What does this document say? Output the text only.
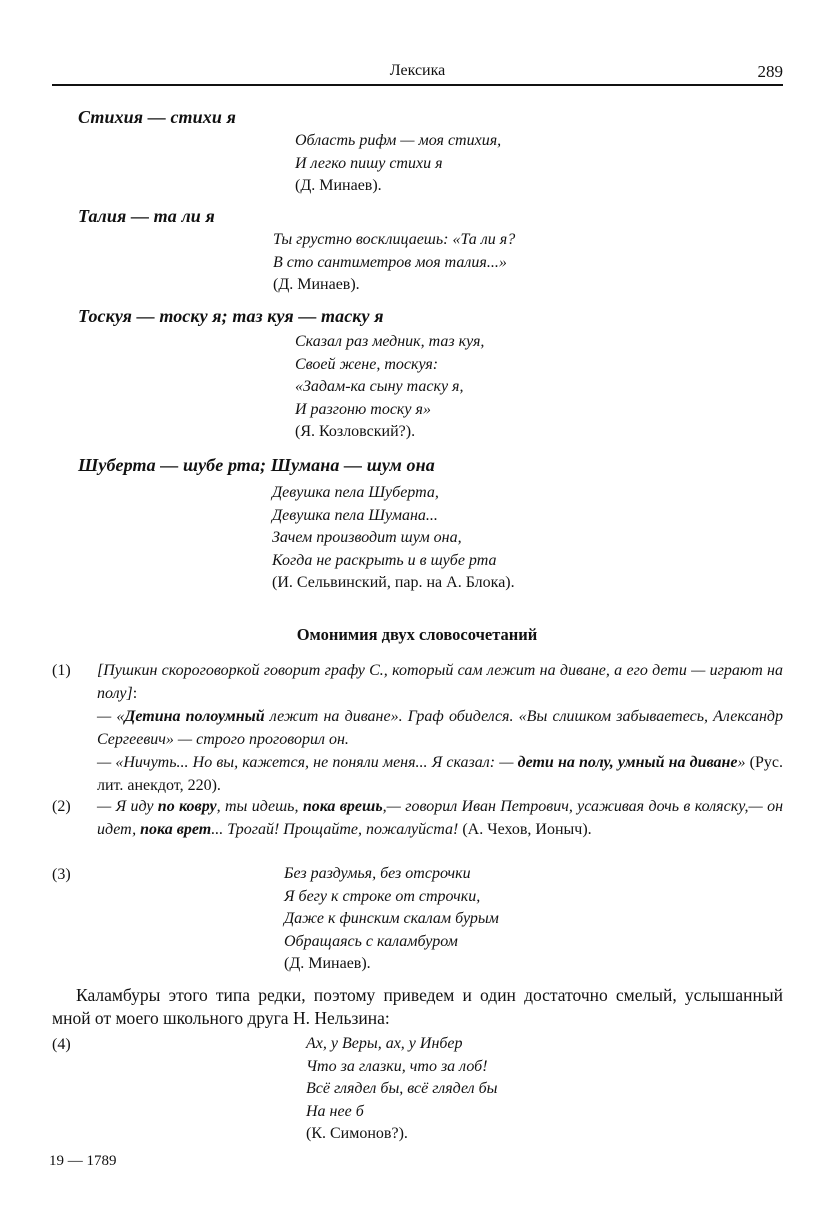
Лексика	289
Стихия — стихи я
Область рифм — моя стихия,
И легко пишу стихи я
(Д. Минаев).
Талия — та ли я
Ты грустно восклицаешь: «Та ли я?
В сто сантиметров моя талия...»
(Д. Минаев).
Тоскуя — тоску я; таз куя — таску я
Сказал раз медник, таз куя,
Своей жене, тоскуя:
«Задам-ка сыну таску я,
И разгоню тоску я»
(Я. Козловский?).
Шуберта — шубе рта; Шумана — шум она
Девушка пела Шуберта,
Девушка пела Шумана...
Зачем производит шум она,
Когда не раскрыть и в шубе рта
(И. Сельвинский, пар. на А. Блока).
Омонимия двух словосочетаний
(1) [Пушкин скороговоркой говорит графу С., который сам лежит на диване, а его дети — играют на полу]:
— «Детина полоумный лежит на диване». Граф обиделся. «Вы слишком забываетесь, Александр Сергеевич» — строго проговорил он.
— «Ничуть... Но вы, кажется, не поняли меня... Я сказал: — дети на полу, умный на диване» (Рус. лит. анекдот, 220).
(2) — Я иду по ковру, ты идешь, пока врешь,— говорил Иван Петрович, усаживая дочь в коляску,— он идет, пока врет... Трогай! Прощайте, пожалуйста! (А. Чехов, Ионыч).
(3)	Без раздумья, без отсрочки
Я бегу к строке от строчки,
Даже к финским скалам бурым
Обращаясь с каламбуром
(Д. Минаев).
Каламбуры этого типа редки, поэтому приведем и один достаточно смелый, услышанный мной от моего школьного друга Н. Нельзина:
(4)	Ах, у Веры, ах, у Инбер
Что за глазки, что за лоб!
Всё глядел бы, всё глядел бы
На нее б
(К. Симонов?).
19 — 1789
